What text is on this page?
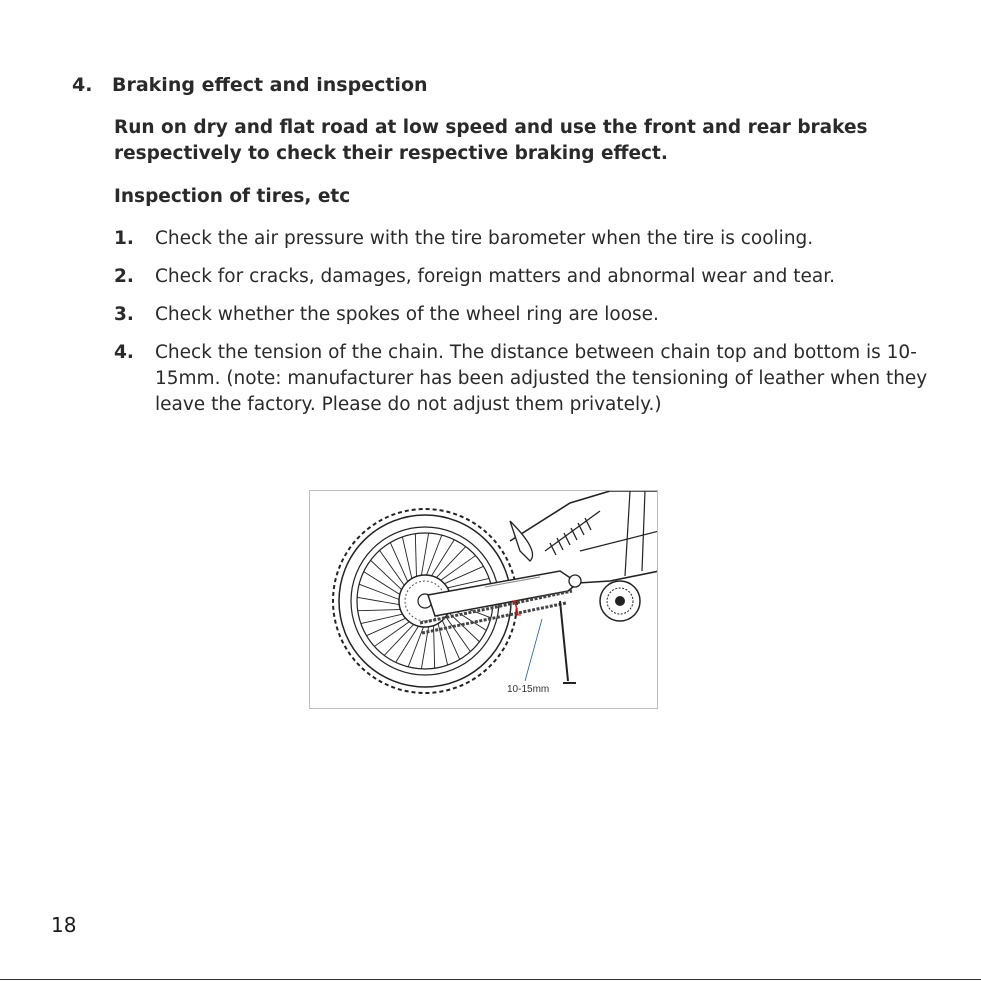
4. Braking effect and inspection
Run on dry and flat road at low speed and use the front and rear brakes respectively to check their respective braking effect.
Inspection of tires, etc
1. Check the air pressure with the tire barometer when the tire is cooling.
2. Check for cracks, damages, foreign matters and abnormal wear and tear.
3. Check whether the spokes of the wheel ring are loose.
4. Check the tension of the chain. The distance between chain top and bottom is 10-15mm. (note: manufacturer has been adjusted the tensioning of leather when they leave the factory. Please do not adjust them privately.)
10-15mm
18
